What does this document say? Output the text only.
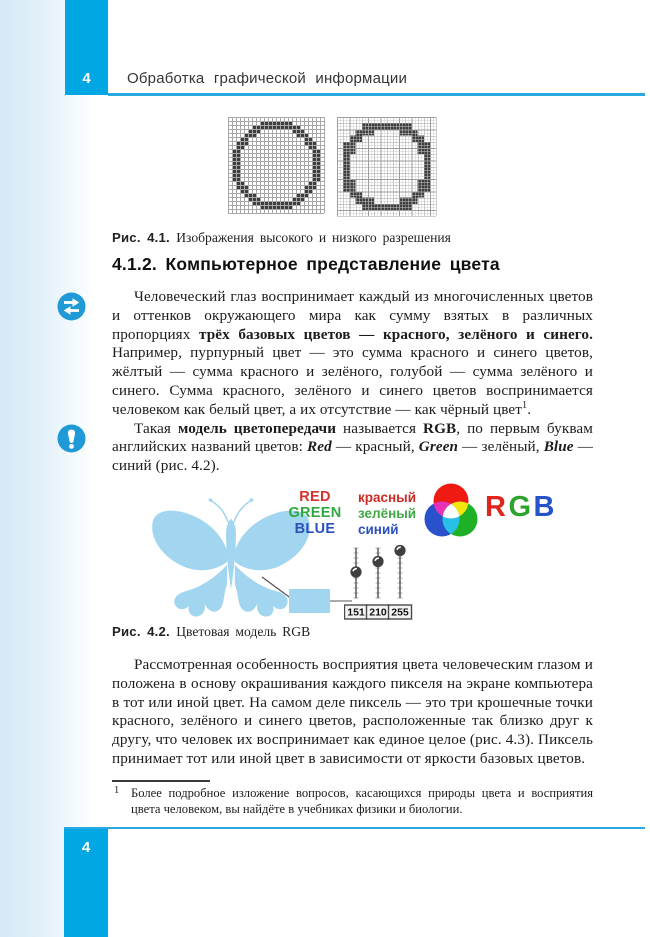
4	Обработка графической информации
Рис. 4.1. Изображения высокого и низкого разрешения
4.1.2. Компьютерное представление цвета

Человеческий глаз воспринимает каждый из многочисленных цветов и оттенков окружающего мира как сумму взятых в различных пропорциях трёх базовых цветов — красного, зелёного и синего. Например, пурпурный цвет — это сумма красного и синего цветов, жёлтый — сумма красного и зелёного, голубой — сумма зелёного и синего. Сумма красного, зелёного и синего цветов воспринимается человеком как белый цвет, а их отсутствие — как чёрный цвет$^1$.

Такая модель цветопередачи называется RGB, по первым буквам английских названий цветов: Red — красный, Green — зелёный, Blue — синий (рис. 4.2).

RED
GREEN
BLUE
красный
зелёный
синий
RGB
151 210 255
Рис. 4.2. Цветовая модель RGB

Рассмотренная особенность восприятия цвета человеческим глазом и положена в основу окрашивания каждого пикселя на экране компьютера в тот или иной цвет. На самом деле пиксель — это три крошечные точки красного, зелёного и синего цветов, расположенные так близко друг к другу, что человек их воспринимает как единое целое (рис. 4.3). Пиксель принимает тот или иной цвет в зависимости от яркости базовых цветов.

1 Более подробное изложение вопросов, касающихся природы цвета и восприятия цвета человеком, вы найдёте в учебниках физики и биологии.
4
